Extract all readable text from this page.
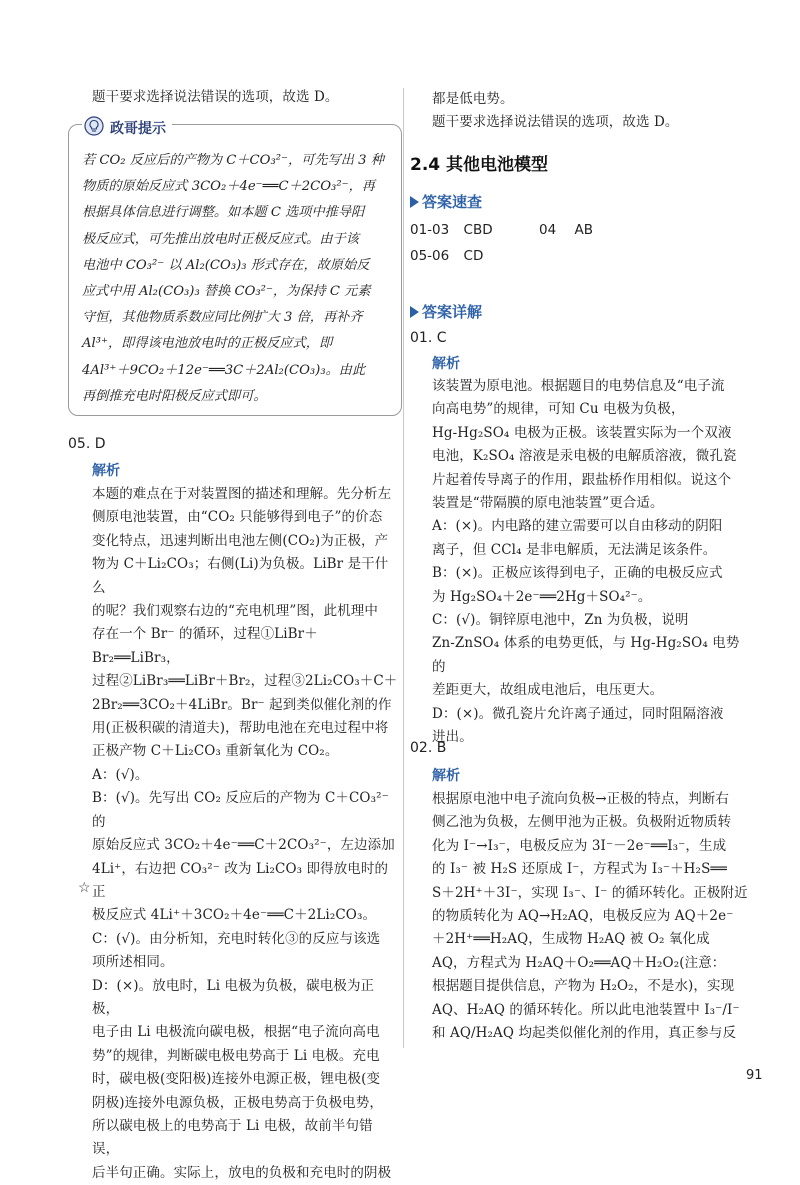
题干要求选择说法错误的选项，故选 D。

政哥提示

若 CO₂ 反应后的产物为 C＋CO₃²⁻，可先写出 3 种

物质的原始反应式 3CO₂＋4e⁻══C＋2CO₃²⁻，再

根据具体信息进行调整。如本题 C 选项中推导阳

极反应式，可先推出放电时正极反应式。由于该

电池中 CO₃²⁻ 以 Al₂(CO₃)₃ 形式存在，故原始反

应式中用 Al₂(CO₃)₃ 替换 CO₃²⁻，为保持 C 元素

守恒，其他物质系数应同比例扩大 3 倍，再补齐

Al³⁺，即得该电池放电时的正极反应式，即

4Al³⁺＋9CO₂＋12e⁻══3C＋2Al₂(CO₃)₃。由此

再倒推充电时阳极反应式即可。

05. D

解析

本题的难点在于对装置图的描述和理解。先分析左

侧原电池装置，由“CO₂ 只能够得到电子”的价态

变化特点，迅速判断出电池左侧(CO₂)为正极，产

物为 C＋Li₂CO₃；右侧(Li)为负极。LiBr 是干什么

的呢？我们观察右边的“充电机理”图，此机理中

存在一个 Br⁻ 的循环，过程①LiBr＋Br₂══LiBr₃，

过程②LiBr₃══LiBr＋Br₂，过程③2Li₂CO₃＋C＋

2Br₂══3CO₂＋4LiBr。Br⁻ 起到类似催化剂的作

用(正极积碳的清道夫)，帮助电池在充电过程中将

正极产物 C＋Li₂CO₃ 重新氧化为 CO₂。

A：(√)。

B：(√)。先写出 CO₂ 反应后的产物为 C＋CO₃²⁻ 的

原始反应式 3CO₂＋4e⁻══C＋2CO₃²⁻，左边添加

4Li⁺，右边把 CO₃²⁻ 改为 Li₂CO₃ 即得放电时的正

极反应式 4Li⁺＋3CO₂＋4e⁻══C＋2Li₂CO₃。

C：(√)。由分析知，充电时转化③的反应与该选

项所述相同。

D：(×)。放电时，Li 电极为负极，碳电极为正极，

电子由 Li 电极流向碳电极，根据“电子流向高电

势”的规律，判断碳电极电势高于 Li 电极。充电

时，碳电极(变阳极)连接外电源正极，锂电极(变

阴极)连接外电源负极，正极电势高于负极电势，

所以碳电极上的电势高于 Li 电极，故前半句错误，

后半句正确。实际上，放电的负极和充电时的阴极

☆

都是低电势。

题干要求选择说法错误的选项，故选 D。

2.4 其他电池模型

答案速查
01-03 CBD	04 AB
05-06 CD
答案详解

01. C

解析

该装置为原电池。根据题目的电势信息及“电子流

向高电势”的规律，可知 Cu 电极为负极，

Hg-Hg₂SO₄ 电极为正极。该装置实际为一个双液

电池，K₂SO₄ 溶液是汞电极的电解质溶液，微孔瓷

片起着传导离子的作用，跟盐桥作用相似。说这个

装置是“带隔膜的原电池装置”更合适。

A：(×)。内电路的建立需要可以自由移动的阴阳

离子，但 CCl₄ 是非电解质，无法满足该条件。

B：(×)。正极应该得到电子，正确的电极反应式

为 Hg₂SO₄＋2e⁻══2Hg＋SO₄²⁻。

C：(√)。铜锌原电池中，Zn 为负极，说明

Zn-ZnSO₄ 体系的电势更低，与 Hg-Hg₂SO₄ 电势的

差距更大，故组成电池后，电压更大。

D：(×)。微孔瓷片允许离子通过，同时阻隔溶液

进出。

02. B

解析

根据原电池中电子流向负极→正极的特点，判断右

侧乙池为负极，左侧甲池为正极。负极附近物质转

化为 I⁻→I₃⁻，电极反应为 3I⁻－2e⁻══I₃⁻，生成

的 I₃⁻ 被 H₂S 还原成 I⁻，方程式为 I₃⁻＋H₂S══

S＋2H⁺＋3I⁻，实现 I₃⁻、I⁻ 的循环转化。正极附近

的物质转化为 AQ→H₂AQ，电极反应为 AQ＋2e⁻

＋2H⁺══H₂AQ，生成物 H₂AQ 被 O₂ 氧化成

AQ，方程式为 H₂AQ＋O₂══AQ＋H₂O₂(注意：

根据题目提供信息，产物为 H₂O₂，不是水)，实现

AQ、H₂AQ 的循环转化。所以此电池装置中 I₃⁻/I⁻

和 AQ/H₂AQ 均起类似催化剂的作用，真正参与反

91
